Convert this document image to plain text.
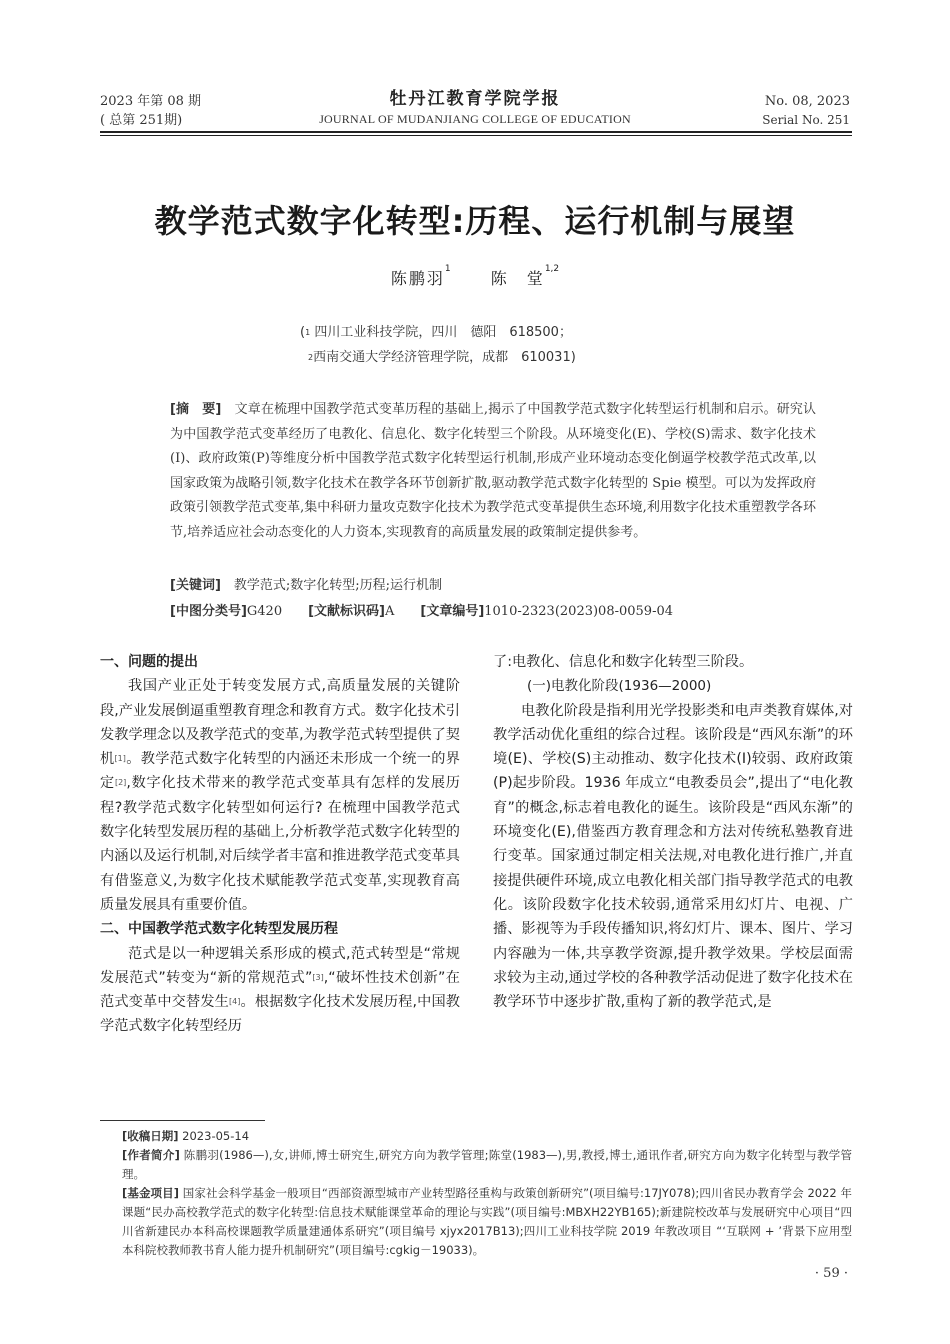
2023 年第 08 期
( 总第 251期)
牡丹江教育学院学报
JOURNAL OF MUDANJIANG COLLEGE OF EDUCATION
No. 08, 2023
Serial No. 251
教学范式数字化转型:历程、运行机制与展望
陈鹏羽$^1$	陈　堂$^{1,2}$
($^1$ 四川工业科技学院，四川　德阳　618500；
$^2$西南交通大学经济管理学院，成都　610031)
[摘　要]　 文章在梳理中国教学范式变革历程的基础上,揭示了中国教学范式数字化转型运行机制和启示。研究认为中国教学范式变革经历了电教化、信息化、数字化转型三个阶段。从环境变化(E)、学校(S)需求、数字化技术(I)、政府政策(P)等维度分析中国教学范式数字化转型运行机制,形成产业环境动态变化倒逼学校教学范式改革,以国家政策为战略引领,数字化技术在教学各环节创新扩散,驱动教学范式数字化转型的 Spie 模型。可以为发挥政府政策引领教学范式变革,集中科研力量攻克数字化技术为教学范式变革提供生态环境,利用数字化技术重塑教学各环节,培养适应社会动态变化的人力资本,实现教育的高质量发展的政策制定提供参考。
[关键词]　 教学范式;数字化转型;历程;运行机制
[中图分类号]G420 [文献标识码]A [文章编号]1010-2323(2023)08-0059-04
一、问题的提出
我国产业正处于转变发展方式,高质量发展的关键阶段,产业发展倒逼重塑教育理念和教育方式。数字化技术引发教学理念以及教学范式的变革,为教学范式转型提供了契机[1]。教学范式数字化转型的内涵还未形成一个统一的界定[2],数字化技术带来的教学范式变革具有怎样的发展历程?教学范式数字化转型如何运行? 在梳理中国教学范式数字化转型发展历程的基础上,分析教学范式数字化转型的内涵以及运行机制,对后续学者丰富和推进教学范式变革具有借鉴意义,为数字化技术赋能教学范式变革,实现教育高质量发展具有重要价值。
二、中国教学范式数字化转型发展历程
范式是以一种逻辑关系形成的模式,范式转型是“常规发展范式”转变为“新的常规范式”[3],“破坏性技术创新”在范式变革中交替发生[4]。根据数字化技术发展历程,中国教学范式数字化转型经历
了:电教化、信息化和数字化转型三阶段。
(一)电教化阶段(1936—2000)
电教化阶段是指利用光学投影类和电声类教育媒体,对教学活动优化重组的综合过程。该阶段是“西风东渐”的环境(E)、学校(S)主动推动、数字化技术(I)较弱、政府政策(P)起步阶段。1936 年成立“电教委员会”,提出了“电化教育”的概念,标志着电教化的诞生。该阶段是“西风东渐”的环境变化(E),借鉴西方教育理念和方法对传统私塾教育进行变革。国家通过制定相关法规,对电教化进行推广,并直接提供硬件环境,成立电教化相关部门指导教学范式的电教化。该阶段数字化技术较弱,通常采用幻灯片、电视、广播、影视等为手段传播知识,将幻灯片、课本、图片、学习内容融为一体,共享教学资源,提升教学效果。学校层面需求较为主动,通过学校的各种教学活动促进了数字化技术在教学环节中逐步扩散,重构了新的教学范式,是
[收稿日期] 2023-05-14
[作者简介] 陈鹏羽(1986—),女,讲师,博士研究生,研究方向为教学管理;陈堂(1983—),男,教授,博士,通讯作者,研究方向为数字化转型与教学管理。
[基金项目] 国家社会科学基金一般项目“西部资源型城市产业转型路径重构与政策创新研究”(项目编号:17JY078);四川省民办教育学会 2022 年课题“民办高校教学范式的数字化转型:信息技术赋能课堂革命的理论与实践”(项目编号:MBXH22YB165);新建院校改革与发展研究中心项目“四川省新建民办本科高校课题教学质量建通体系研究”(项目编号 xjyx2017B13);四川工业科技学院 2019 年教改项目 “‘互联网 + ’背景下应用型本科院校教师教书育人能力提升机制研究”(项目编号:cgkig－19033)。
· 59 ·
